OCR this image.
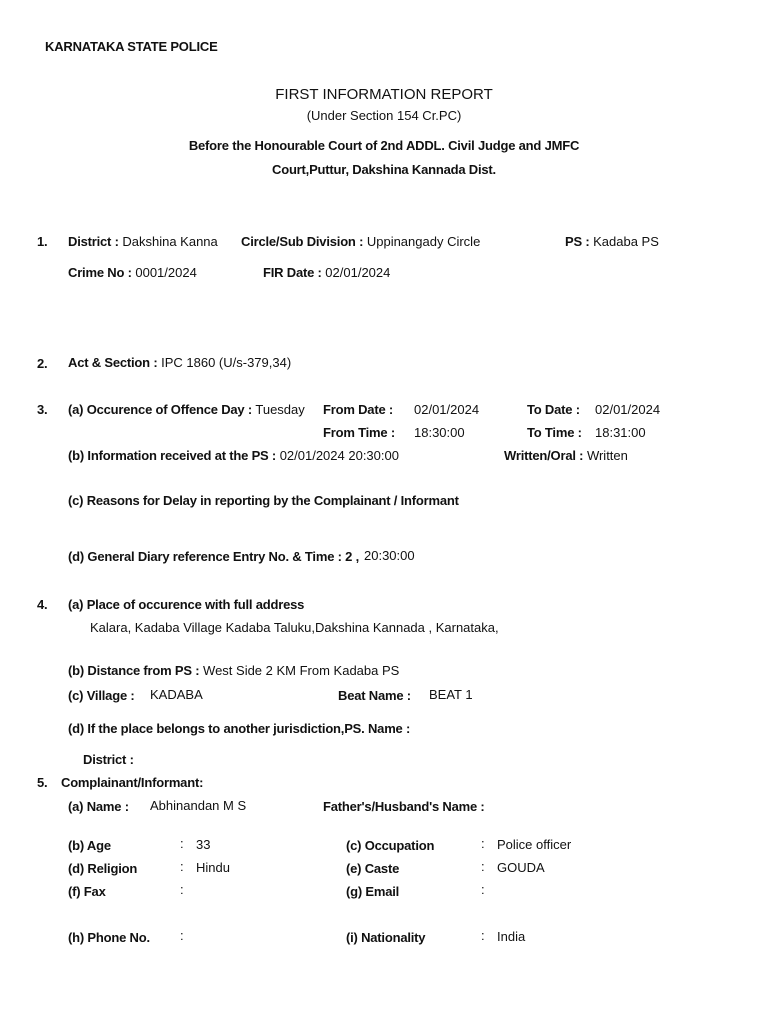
KARNATAKA STATE POLICE
FIRST INFORMATION REPORT
(Under Section 154 Cr.PC)
Before the Honourable Court of 2nd ADDL. Civil Judge and JMFC
Court,Puttur, Dakshina Kannada Dist.
1. District : Dakshina Kanna Circle/Sub Division : Uppinangady Circle	PS : Kadaba PS
Crime No : 0001/2024	FIR Date : 02/01/2024
2. Act & Section : IPC 1860 (U/s-379,34)
3. (a) Occurence of Offence Day : Tuesday From Date : 02/01/2024	To Date : 02/01/2024
From Time : 18:30:00	To Time : 18:31:00
(b) Information received at the PS : 02/01/2024 20:30:00	Written/Oral : Written
(c) Reasons for Delay in reporting by the Complainant / Informant
(d) General Diary reference Entry No. & Time : 2 , 20:30:00
4. (a) Place of occurence with full address
Kalara, Kadaba Village Kadaba Taluku,Dakshina Kannada , Karnataka,
(b) Distance from PS : West Side 2 KM From Kadaba PS
(c) Village : KADABA	Beat Name : BEAT 1
(d) If the place belongs to another jurisdiction,PS. Name :
District :
5. Complainant/Informant:
(a) Name : Abhinandan M S	Father's/Husband's Name :
(b) Age	: 33	(c) Occupation	: Police officer
(d) Religion	: Hindu	(e) Caste	: GOUDA
(f) Fax	:	(g) Email	:
(h) Phone No. :	(i) Nationality	: India
